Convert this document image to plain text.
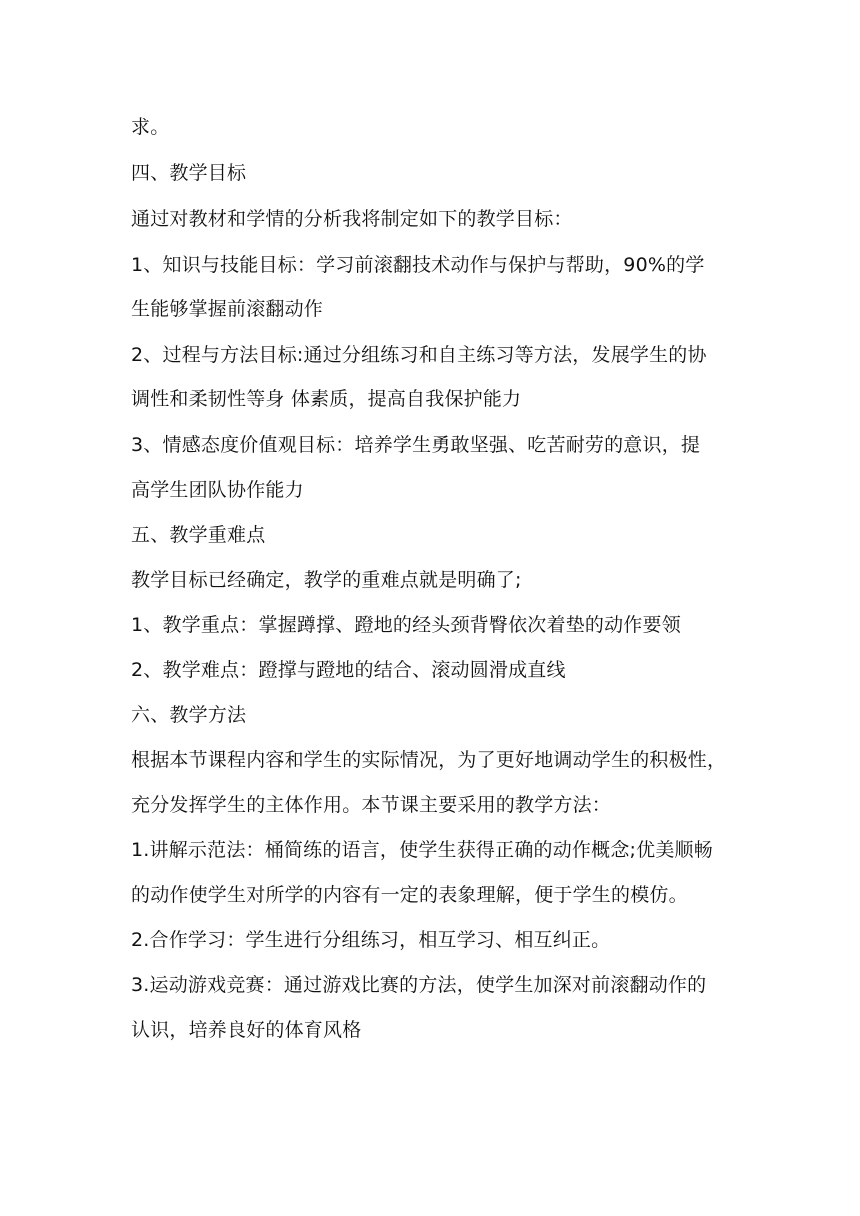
求。
四、教学目标
通过对教材和学情的分析我将制定如下的教学目标：
1、知识与技能目标：学习前滚翻技术动作与保护与帮助，90%的学
生能够掌握前滚翻动作
2、过程与方法目标:通过分组练习和自主练习等方法，发展学生的协
调性和柔韧性等身 体素质，提高自我保护能力
3、情感态度价值观目标：培养学生勇敢坚强、吃苦耐劳的意识，提
高学生团队协作能力
五、教学重难点
教学目标已经确定，教学的重难点就是明确了;
1、教学重点：掌握蹲撑、蹬地的经头颈背臀依次着垫的动作要领
2、教学难点：蹬撑与蹬地的结合、滚动圆滑成直线
六、教学方法
根据本节课程内容和学生的实际情况，为了更好地调动学生的积极性，
充分发挥学生的主体作用。本节课主要采用的教学方法：
1.讲解示范法：桶简练的语言，使学生获得正确的动作概念;优美顺畅
的动作使学生对所学的内容有一定的表象理解，便于学生的模仿。
2.合作学习：学生进行分组练习，相互学习、相互纠正。
3.运动游戏竞赛：通过游戏比赛的方法，使学生加深对前滚翻动作的
认识，培养良好的体育风格
